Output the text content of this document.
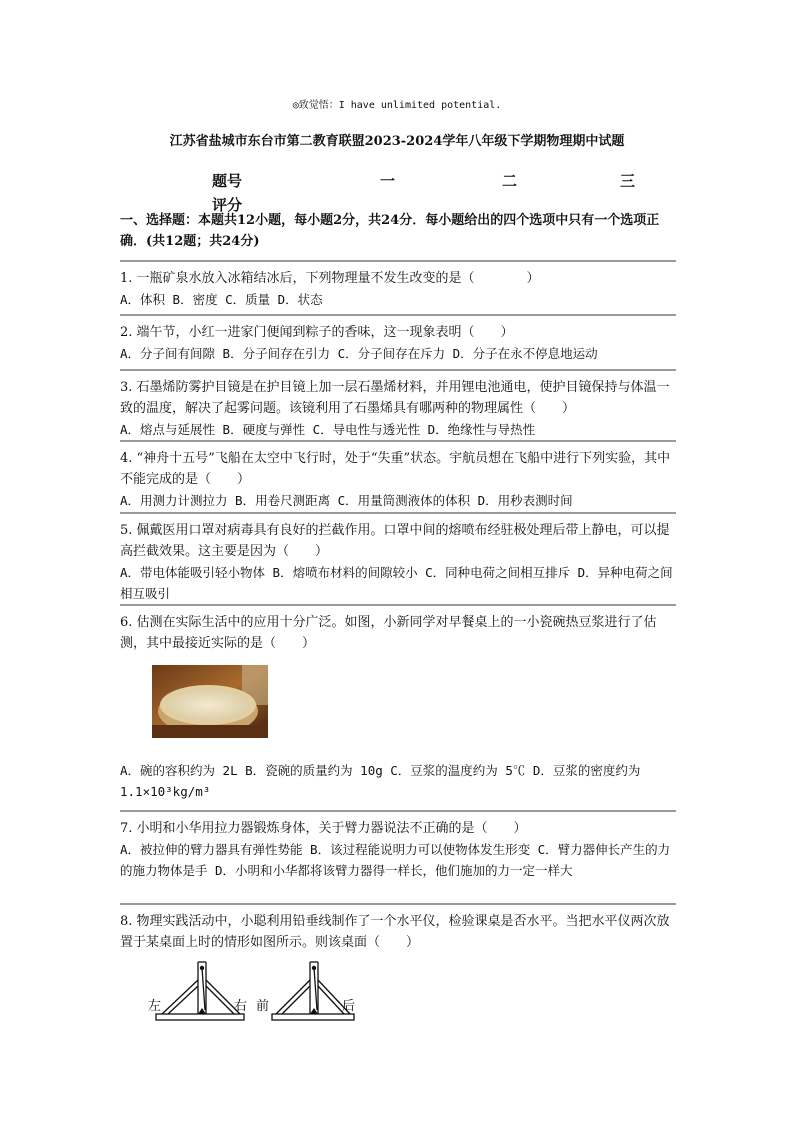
◎致觉悟：I have unlimited potential.
江苏省盐城市东台市第二教育联盟2023-2024学年八年级下学期物理期中试题
题号	一	二	三
评分
一、选择题：本题共12小题，每小题2分，共24分．每小题给出的四个选项中只有一个选项正确．(共12题；共24分)
1. 一瓶矿泉水放入冰箱结冰后，下列物理量不发生改变的是（　　　　）
A．体积 B．密度 C．质量 D．状态
2. 端午节，小红一进家门便闻到粽子的香味，这一现象表明（　　）
A．分子间有间隙 B．分子间存在引力 C．分子间存在斥力 D．分子在永不停息地运动
3. 石墨烯防雾护目镜是在护目镜上加一层石墨烯材料，并用锂电池通电，使护目镜保持与体温一致的温度，解决了起雾问题。该镜利用了石墨烯具有哪两种的物理属性（　　）
A．熔点与延展性 B．硬度与弹性 C．导电性与透光性 D．绝缘性与导热性
4. “神舟十五号”飞船在太空中飞行时，处于“失重”状态。宇航员想在飞船中进行下列实验，其中不能完成的是（　　）
A．用测力计测拉力 B．用卷尺测距离 C．用量筒测液体的体积 D．用秒表测时间
5. 佩戴医用口罩对病毒具有良好的拦截作用。口罩中间的熔喷布经驻极处理后带上静电，可以提高拦截效果。这主要是因为（　　）
A．带电体能吸引轻小物体 B．熔喷布材料的间隙较小 C．同种电荷之间相互排斥 D．异种电荷之间相互吸引
6. 估测在实际生活中的应用十分广泛。如图，小新同学对早餐桌上的一小瓷碗热豆浆进行了估测，其中最接近实际的是（　　）
A．碗的容积约为 2L B．瓷碗的质量约为 10g C．豆浆的温度约为 5℃ D．豆浆的密度约为 1.1×10³kg/m³
7. 小明和小华用拉力器锻炼身体，关于臂力器说法不正确的是（　　）
A．被拉伸的臂力器具有弹性势能 B．该过程能说明力可以使物体发生形变 C．臂力器伸长产生的力的施力物体是手 D．小明和小华都将该臂力器得一样长，他们施加的力一定一样大
8. 物理实践活动中，小聪利用铅垂线制作了一个水平仪，检验课桌是否水平。当把水平仪两次放置于某桌面上时的情形如图所示。则该桌面（　　）
左	右 前	后
